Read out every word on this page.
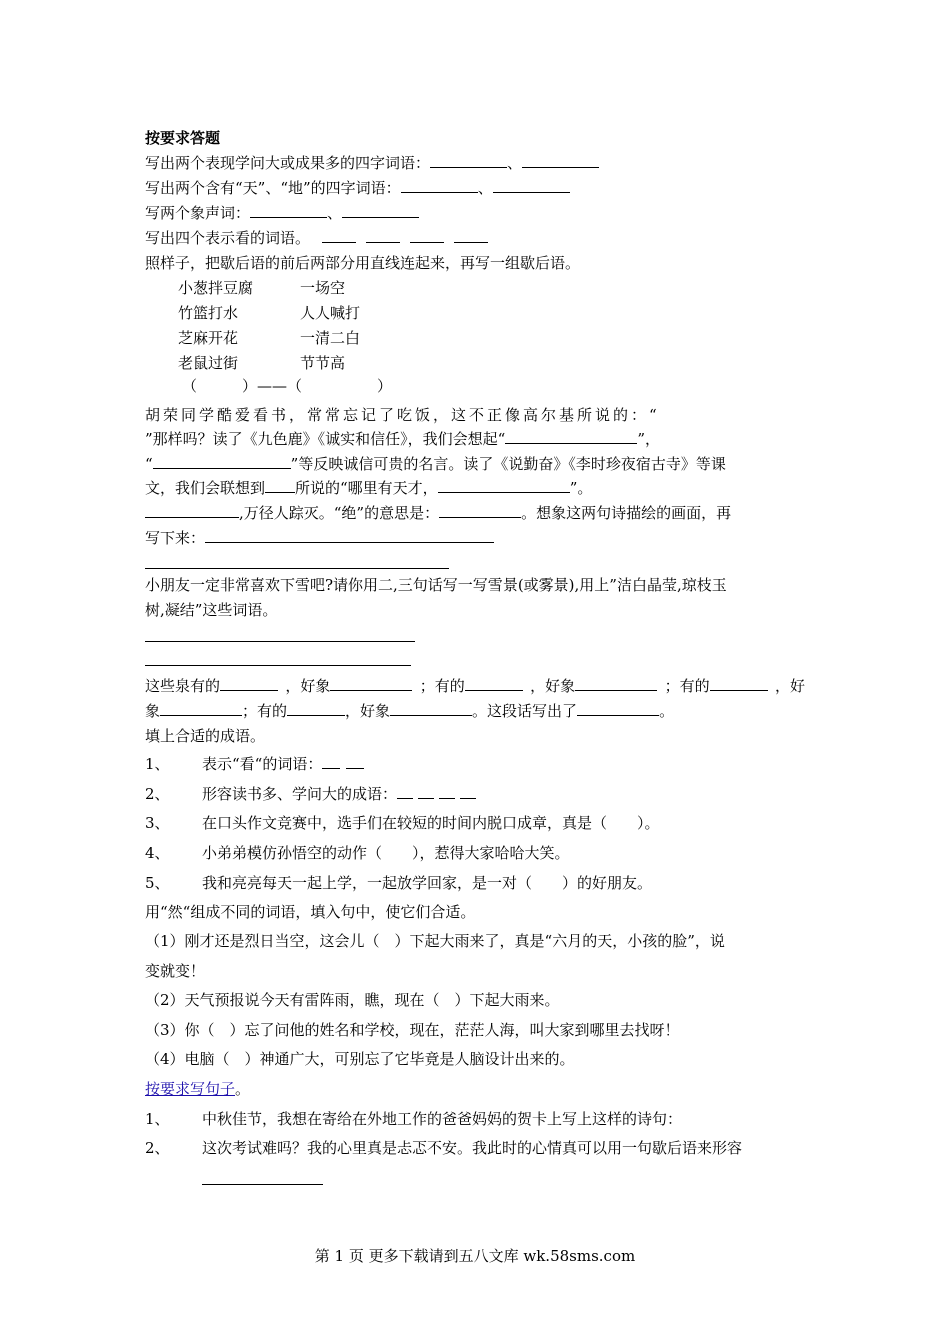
按要求答题
写出两个表现学问大或成果多的四字词语：	、
写出两个含有“天”、“地”的四字词语：	、
写两个象声词：	、
写出四个表示看的词语。
照样子，把歇后语的前后两部分用直线连起来，再写一组歇后语。
小葱拌豆腐	一场空
竹篮打水	人人喊打
芝麻开花	一清二白
老鼠过街	节节高
（　　　）——（　　　　　）
胡荣同学酷爱看书，常常忘记了吃饭，这不正像高尔基所说的：“
”那样吗？读了《九色鹿》《诚实和信任》，我们会想起“	”，
“	”等反映诚信可贵的名言。读了《说勤奋》《李时珍夜宿古寺》等课
文，我们会联想到 所说的“哪里有天才，	”。
,万径人踪灭。“绝”的意思是：	。想象这两句诗描绘的画面，再
写下来：
小朋友一定非常喜欢下雪吧?请你用二,三句话写一写雪景(或雾景),用上”洁白晶莹,琼枝玉
树,凝结”这些词语。
这些泉有的	，好象	；有的	，好象	；有的	，好
象	；有的	，好象	。这段话写出了	。
填上合适的成语。
1、 表示“看“的词语：
2、 形容读书多、学问大的成语：
3、 在口头作文竞赛中，选手们在较短的时间内脱口成章，真是（　　）。
4、 小弟弟模仿孙悟空的动作（　　），惹得大家哈哈大笑。
5、 我和亮亮每天一起上学，一起放学回家，是一对（　　）的好朋友。
用“然“组成不同的词语，填入句中，使它们合适。
（1）刚才还是烈日当空，这会儿（　）下起大雨来了，真是“六月的天，小孩的脸”，说
变就变！
（2）天气预报说今天有雷阵雨，瞧，现在（　）下起大雨来。
（3）你（　）忘了问他的姓名和学校，现在，茫茫人海，叫大家到哪里去找呀！
（4）电脑（　）神通广大，可别忘了它毕竟是人脑设计出来的。
按要求写句子。
1、 中秋佳节，我想在寄给在外地工作的爸爸妈妈的贺卡上写上这样的诗句：
2、 这次考试难吗？我的心里真是忐忑不安。我此时的心情真可以用一句歇后语来形容
第 1 页 更多下载请到五八文库 wk.58sms.com
